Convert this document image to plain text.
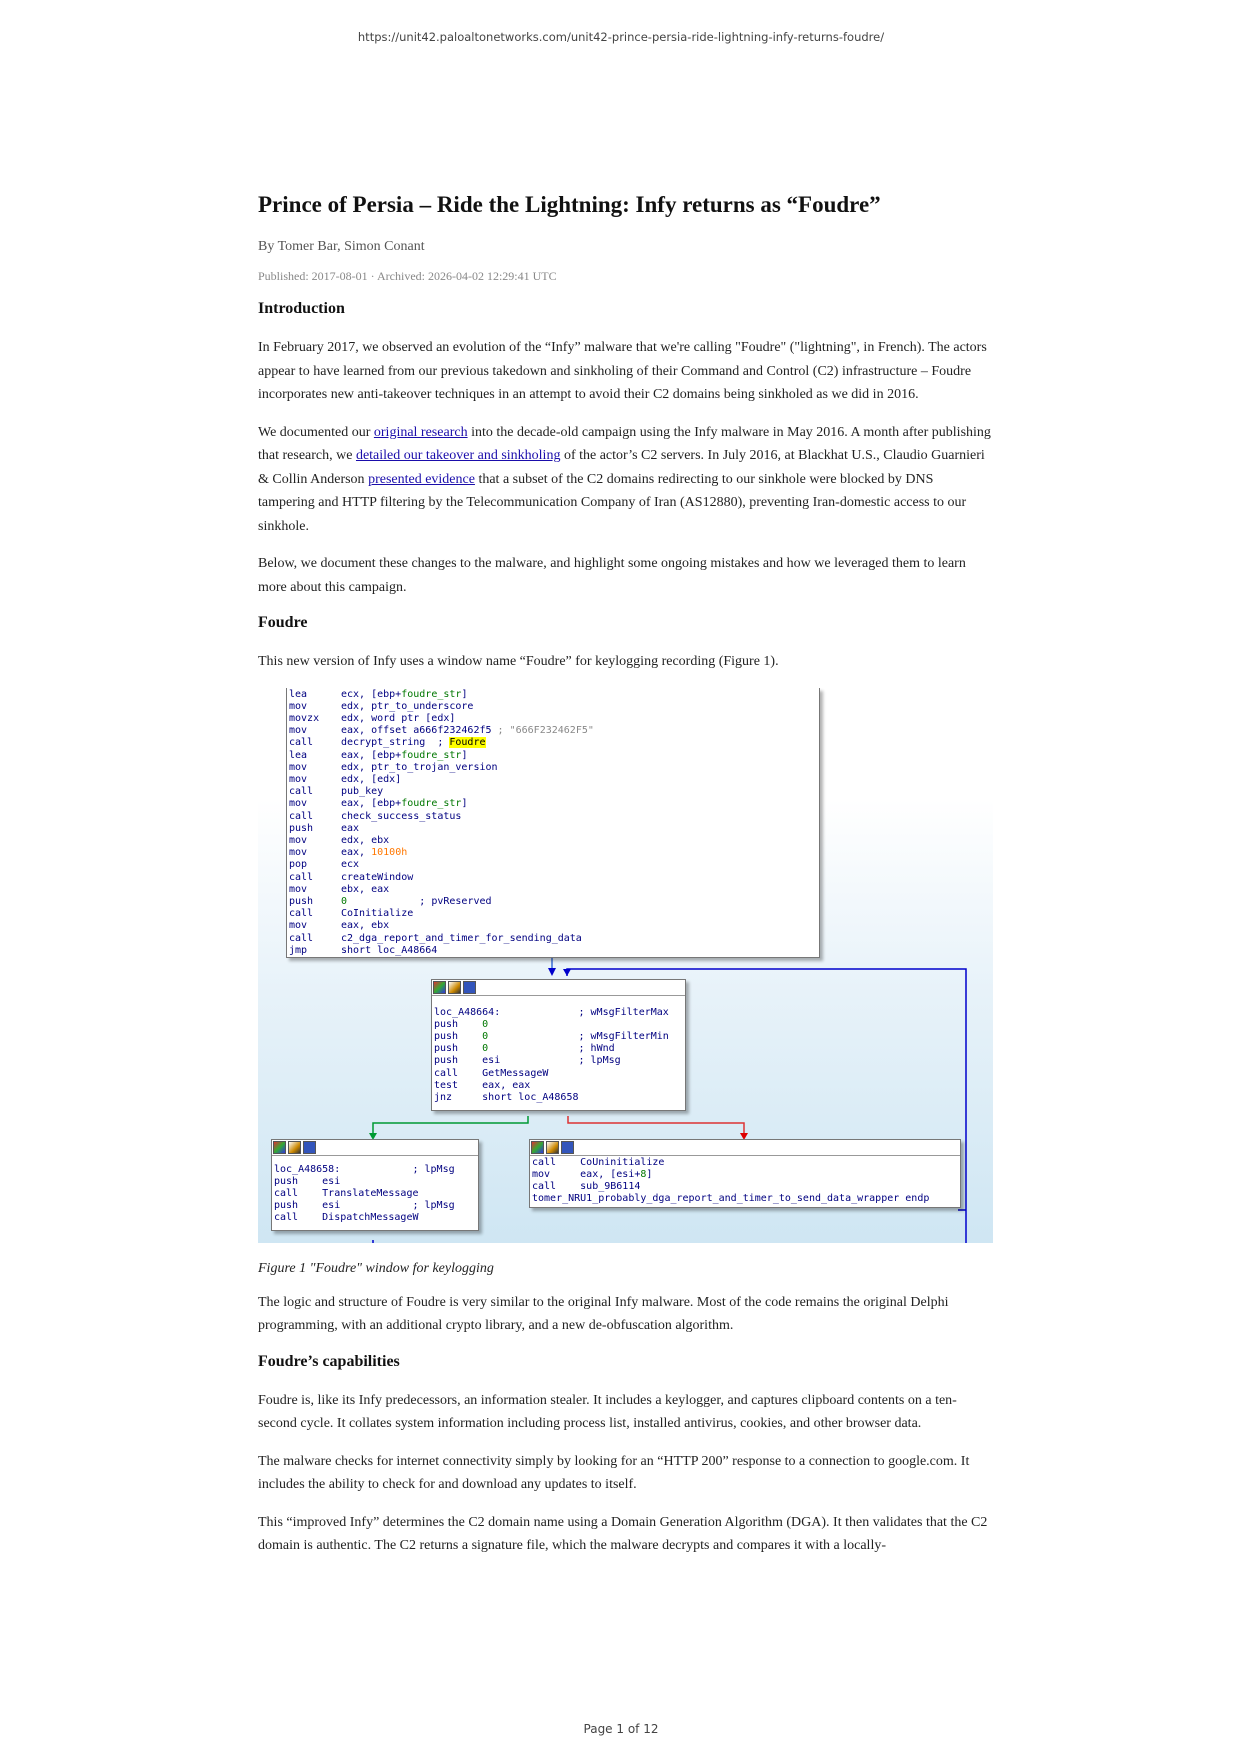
https://unit42.paloaltonetworks.com/unit42-prince-persia-ride-lightning-infy-returns-foudre/
Prince of Persia – Ride the Lightning: Infy returns as “Foudre”
By Tomer Bar, Simon Conant
Published: 2017-08-01 · Archived: 2026-04-02 12:29:41 UTC
Introduction

In February 2017, we observed an evolution of the “Infy” malware that we're calling "Foudre" ("lightning", in French). The actors appear to have learned from our previous takedown and sinkholing of their Command and Control (C2) infrastructure – Foudre incorporates new anti-takeover techniques in an attempt to avoid their C2 domains being sinkholed as we did in 2016.

We documented our original research into the decade-old campaign using the Infy malware in May 2016. A month after publishing that research, we detailed our takeover and sinkholing of the actor’s C2 servers. In July 2016, at Blackhat U.S., Claudio Guarnieri & Collin Anderson presented evidence that a subset of the C2 domains redirecting to our sinkhole were blocked by DNS tampering and HTTP filtering by the Telecommunication Company of Iran (AS12880), preventing Iran-domestic access to our sinkhole.

Below, we document these changes to the malware, and highlight some ongoing mistakes and how we leveraged them to learn more about this campaign.

Foudre

This new version of Infy uses a window name “Foudre” for keylogging recording (Figure 1).

lea	ecx, [ebp+foudre_str]
mov	edx, ptr_to_underscore
movzx edx, word ptr [edx]
mov	eax, offset a666f232462f5 ; "666F232462F5"
call	decrypt_string  ; Foudre
lea	eax, [ebp+foudre_str]
mov	edx, ptr_to_trojan_version
mov	edx, [edx]
call	pub_key
mov	eax, [ebp+foudre_str]
call	check_success_status
push	eax
mov	edx, ebx
mov	eax, 10100h
pop	ecx
call	createWindow
mov	ebx, eax
push	0            ; pvReserved
call	CoInitialize
mov	eax, ebx
call	c2_dga_report_and_timer_for_sending_data
jmp	short loc_A48664
loc_A48664:             ; wMsgFilterMax
push    0
push    0               ; wMsgFilterMin
push    0               ; hWnd
push    esi             ; lpMsg
call    GetMessageW
test    eax, eax
jnz     short loc_A48658
loc_A48658:            ; lpMsg
push    esi
call    TranslateMessage
push    esi            ; lpMsg
call    DispatchMessageW
call    CoUninitialize
mov     eax, [esi+8]
call    sub_9B6114
tomer_NRU1_probably_dga_report_and_timer_to_send_data_wrapper endp
Figure 1 "Foudre" window for keylogging

The logic and structure of Foudre is very similar to the original Infy malware. Most of the code remains the original Delphi programming, with an additional crypto library, and a new de-obfuscation algorithm.

Foudre’s capabilities

Foudre is, like its Infy predecessors, an information stealer. It includes a keylogger, and captures clipboard contents on a ten-second cycle. It collates system information including process list, installed antivirus, cookies, and other browser data.

The malware checks for internet connectivity simply by looking for an “HTTP 200” response to a connection to google.com. It includes the ability to check for and download any updates to itself.

This “improved Infy” determines the C2 domain name using a Domain Generation Algorithm (DGA). It then validates that the C2 domain is authentic. The C2 returns a signature file, which the malware decrypts and compares it with a locally-

Page 1 of 12
